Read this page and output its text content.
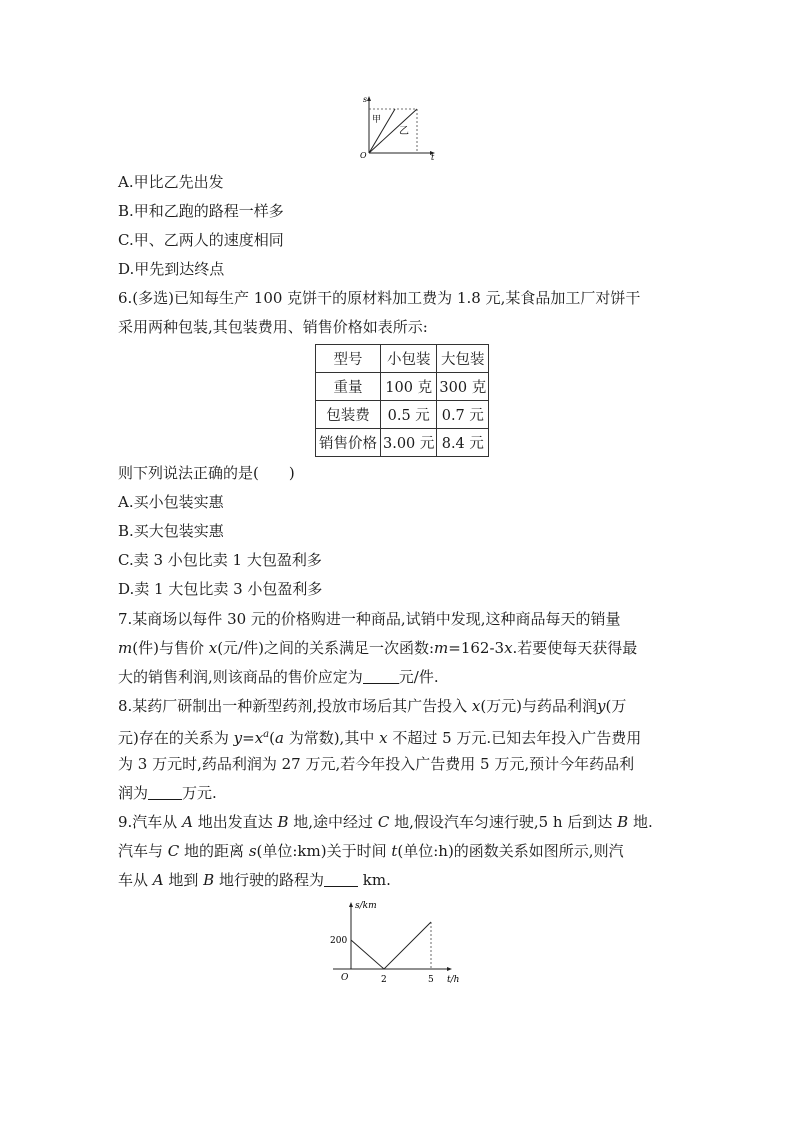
s
甲
乙
O	t
A.甲比乙先出发
B.甲和乙跑的路程一样多
C.甲、乙两人的速度相同
D.甲先到达终点
6.(多选)已知每生产 100 克饼干的原材料加工费为 1.8 元,某食品加工厂对饼干
采用两种包装,其包装费用、销售价格如表所示:
型号	小包装	大包装
重量	100 克	300 克
包装费	0.5 元	0.7 元
销售价格	3.00 元	8.4 元
则下列说法正确的是(　　)
A.买小包装实惠
B.买大包装实惠
C.卖 3 小包比卖 1 大包盈利多
D.卖 1 大包比卖 3 小包盈利多
7.某商场以每件 30 元的价格购进一种商品,试销中发现,这种商品每天的销量
m(件)与售价 x(元/件)之间的关系满足一次函数:m=162-3x.若要使每天获得最
大的销售利润,则该商品的售价应定为 元/件.
8.某药厂研制出一种新型药剂,投放市场后其广告投入 x(万元)与药品利润y(万
元)存在的关系为 $y=x^a(a$ 为常数),其中 x 不超过 5 万元.已知去年投入广告费用
为 3 万元时,药品利润为 27 万元,若今年投入广告费用 5 万元,预计今年药品利
润为 万元.
9.汽车从 A 地出发直达 B 地,途中经过 C 地,假设汽车匀速行驶,5 h 后到达 B 地.
汽车与 C 地的距离 s(单位:km)关于时间 t(单位:h)的函数关系如图所示,则汽
车从 A 地到 B 地行驶的路程为 km.
s/km
200
O	2	5 t/h
